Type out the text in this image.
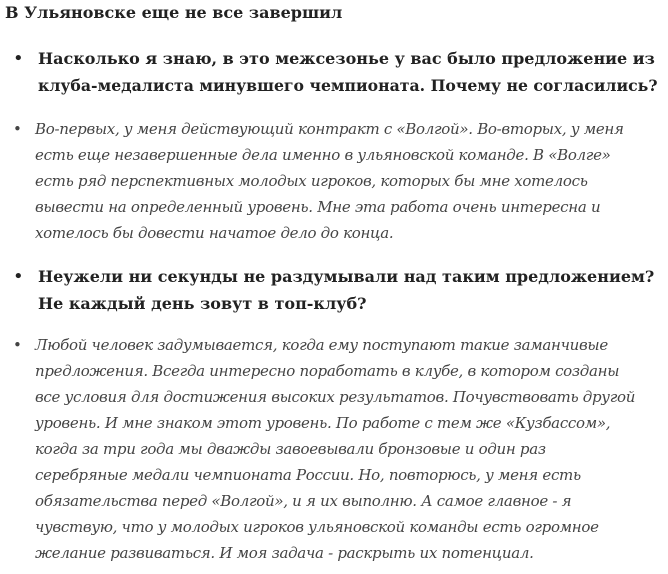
В Ульяновске еще не все завершил
• Насколько я знаю, в это межсезонье у вас было предложение из
клуба-медалиста минувшего чемпионата. Почему не согласились?
• Во-первых, у меня действующий контракт с «Волгой». Во-вторых, у меня
есть еще незавершенные дела именно в ульяновской команде. В «Волге»
есть ряд перспективных молодых игроков, которых бы мне хотелось
вывести на определенный уровень. Мне эта работа очень интересна и
хотелось бы довести начатое дело до конца.
• Неужели ни секунды не раздумывали над таким предложением?
Не каждый день зовут в топ-клуб?
• Любой человек задумывается, когда ему поступают такие заманчивые
предложения. Всегда интересно поработать в клубе, в котором созданы
все условия для достижения высоких результатов. Почувствовать другой
уровень. И мне знаком этот уровень. По работе с тем же «Кузбассом»,
когда за три года мы дважды завоевывали бронзовые и один раз
серебряные медали чемпионата России. Но, повторюсь, у меня есть
обязательства перед «Волгой», и я их выполню. А самое главное - я
чувствую, что у молодых игроков ульяновской команды есть огромное
желание развиваться. И моя задача - раскрыть их потенциал.
